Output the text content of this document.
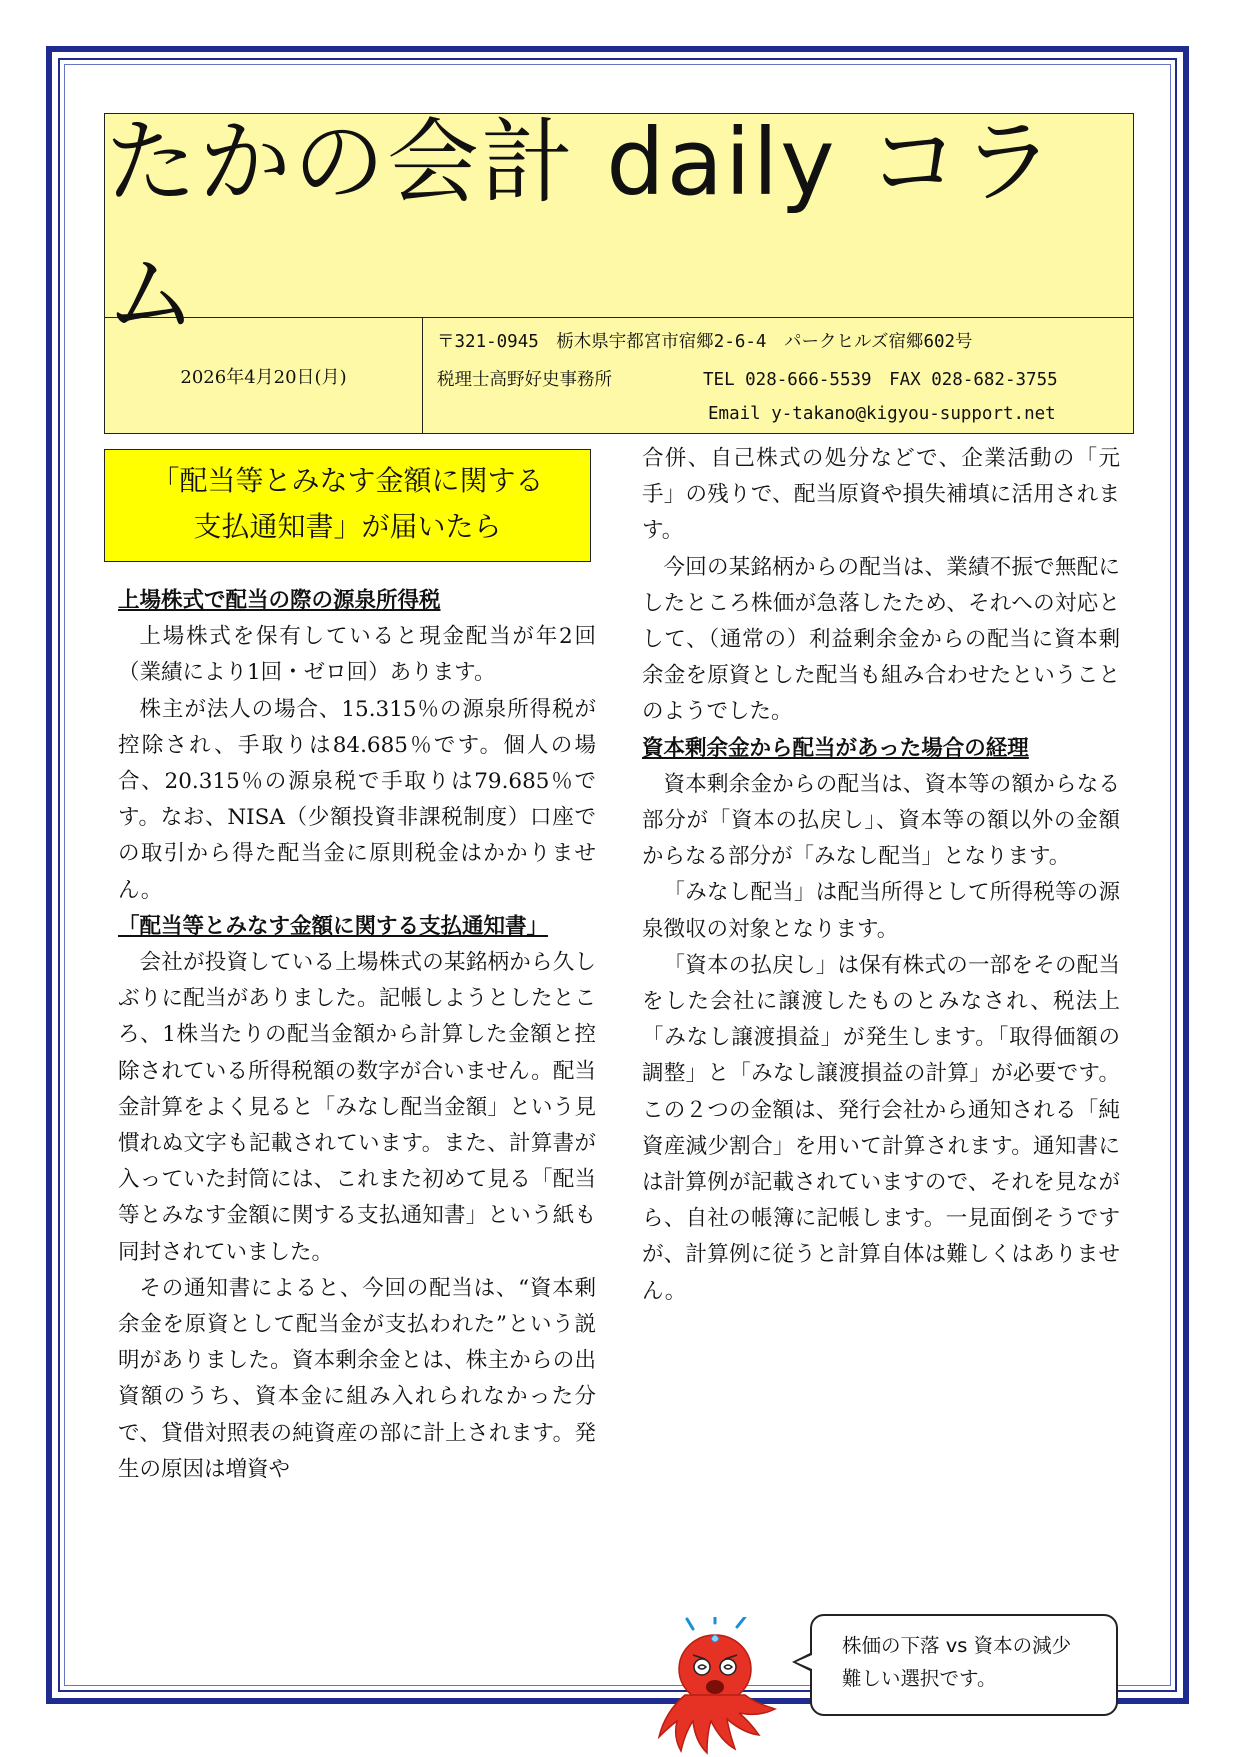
たかの会計 daily コラム
2026年4月20日(月)
〒321-0945　栃木県宇都宮市宿郷2-6-4　パークヒルズ宿郷602号
税理士高野好史事務所	TEL 028-666-5539　FAX 028-682-3755
Email y-takano@kigyou-support.net
「配当等とみなす金額に関する
支払通知書」が届いたら

上場株式で配当の際の源泉所得税

上場株式を保有していると現金配当が年2回（業績により1回・ゼロ回）あります。

株主が法人の場合、15.315％の源泉所得税が控除され、手取りは84.685％です。個人の場合、20.315％の源泉税で手取りは79.685％です。なお、NISA（少額投資非課税制度）口座での取引から得た配当金に原則税金はかかりません。

「配当等とみなす金額に関する支払通知書」

会社が投資している上場株式の某銘柄から久しぶりに配当がありました。記帳しようとしたところ、1株当たりの配当金額から計算した金額と控除されている所得税額の数字が合いません。配当金計算をよく見ると「みなし配当金額」という見慣れぬ文字も記載されています。また、計算書が入っていた封筒には、これまた初めて見る「配当等とみなす金額に関する支払通知書」という紙も同封されていました。

その通知書によると、今回の配当は、“資本剰余金を原資として配当金が支払われた”という説明がありました。資本剰余金とは、株主からの出資額のうち、資本金に組み入れられなかった分で、貸借対照表の純資産の部に計上されます。発生の原因は増資や

合併、自己株式の処分などで、企業活動の「元手」の残りで、配当原資や損失補填に活用されます。

今回の某銘柄からの配当は、業績不振で無配にしたところ株価が急落したため、それへの対応として、（通常の）利益剰余金からの配当に資本剰余金を原資とした配当も組み合わせたということのようでした。

資本剰余金から配当があった場合の経理

資本剰余金からの配当は、資本等の額からなる部分が「資本の払戻し」、資本等の額以外の金額からなる部分が「みなし配当」となります。

「みなし配当」は配当所得として所得税等の源泉徴収の対象となります。

「資本の払戻し」は保有株式の一部をその配当をした会社に譲渡したものとみなされ、税法上「みなし譲渡損益」が発生します。「取得価額の調整」と「みなし譲渡損益の計算」が必要です。この２つの金額は、発行会社から通知される「純資産減少割合」を用いて計算されます。通知書には計算例が記載されていますので、それを見ながら、自社の帳簿に記帳します。一見面倒そうですが、計算例に従うと計算自体は難しくはありません。

株価の下落 vs 資本の減少
難しい選択です。
